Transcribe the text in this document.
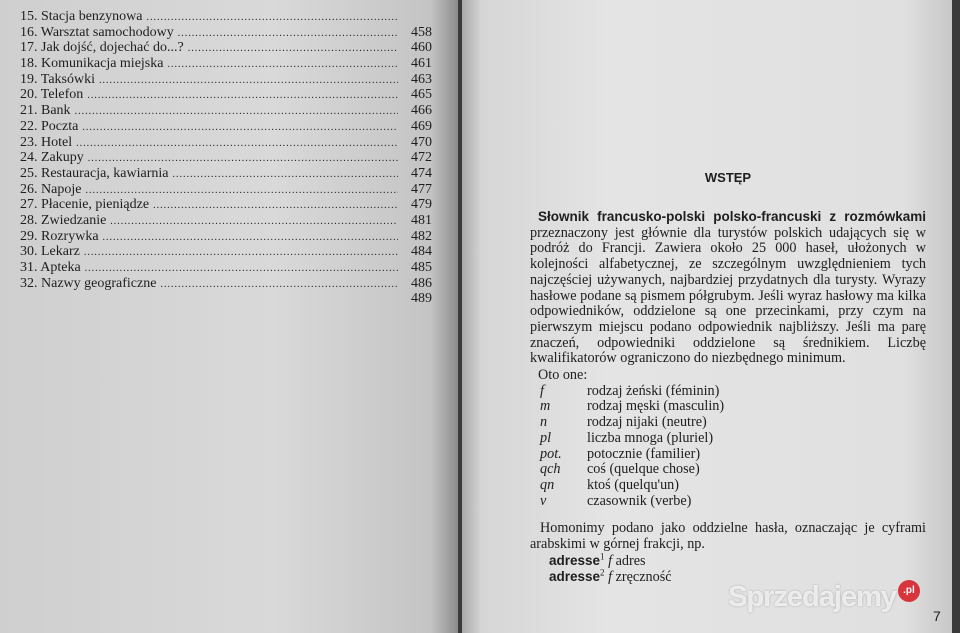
15. Stacja benzynowa
.....
16. Warsztat samochodowy .....	458
17. Jak dojść, dojechać do...? .....	460
18. Komunikacja miejska .....	461
19. Taksówki .....	463
20. Telefon .....	465
21. Bank .....	466
22. Poczta .....	469
23. Hotel .....	470
24. Zakupy .....	472
25. Restauracja, kawiarnia .....	474
26. Napoje .....	477
27. Płacenie, pieniądze .....	479
28. Zwiedzanie .....	481
29. Rozrywka .....	482
30. Lekarz .....	484
31. Apteka .....	485
32. Nazwy geograficzne .....	486
489
WSTĘP
Słownik francusko-polski polsko-francuski z rozmówkami przeznaczony jest głównie dla turystów polskich udających się w podróż do Francji. Zawiera około 25 000 haseł, ułożonych w kolejności alfabetycznej, ze szczególnym uwzględnieniem tych najczęściej używanych, najbardziej przydatnych dla turysty. Wyrazy hasłowe podane są pismem półgrubym. Jeśli wyraz hasłowy ma kilka odpowiedników, oddzielone są one przecinkami, przy czym na pierwszym miejscu podano odpowiednik najbliższy. Jeśli ma parę znaczeń, odpowiedniki oddzielone są średnikiem. Liczbę kwalifikatorów ograniczono do niezbędnego minimum.
Oto one:
f	rodzaj żeński (féminin)
m	rodzaj męski (masculin)
n	rodzaj nijaki (neutre)
pl	liczba mnoga (pluriel)
pot.	potocznie (familier)
qch	coś (quelque chose)
qn	ktoś (quelqu'un)
v	czasownik (verbe)
Homonimy podano jako oddzielne hasła, oznaczając je cyframi arabskimi w górnej frakcji, np.
adresse$^1$ f adres
adresse$^2$ f zręczność
Sprzedajemy .pl
7
